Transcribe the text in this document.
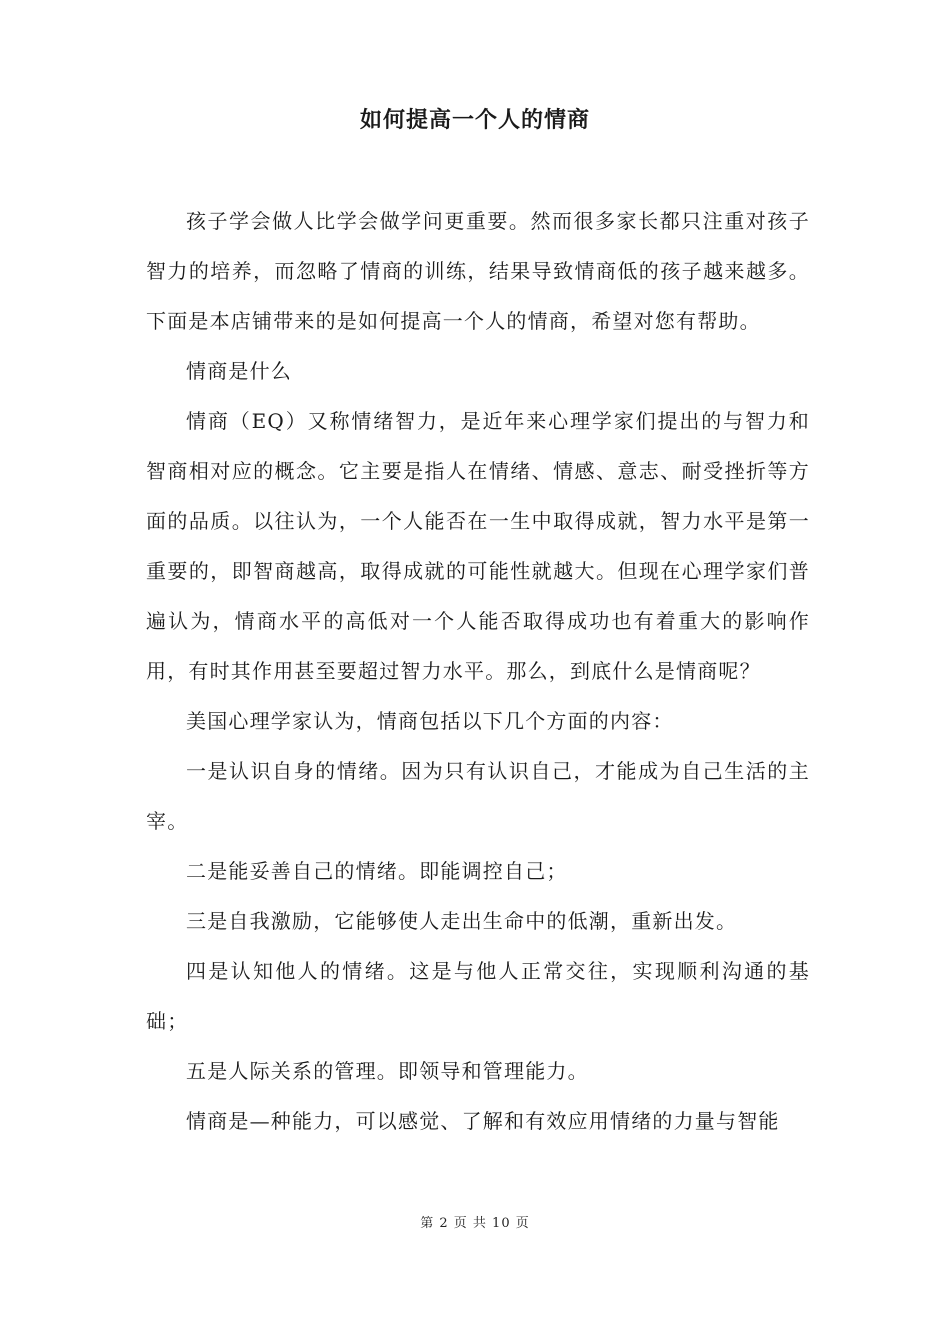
如何提高一个人的情商

孩子学会做人比学会做学问更重要。然而很多家长都只注重对孩子智力的培养，而忽略了情商的训练，结果导致情商低的孩子越来越多。下面是本店铺带来的是如何提高一个人的情商，希望对您有帮助。

情商是什么

情商（EQ）又称情绪智力，是近年来心理学家们提出的与智力和智商相对应的概念。它主要是指人在情绪、情感、意志、耐受挫折等方面的品质。以往认为，一个人能否在一生中取得成就，智力水平是第一重要的，即智商越高，取得成就的可能性就越大。但现在心理学家们普遍认为，情商水平的高低对一个人能否取得成功也有着重大的影响作用，有时其作用甚至要超过智力水平。那么，到底什么是情商呢？

美国心理学家认为，情商包括以下几个方面的内容：

一是认识自身的情绪。因为只有认识自己，才能成为自己生活的主宰。

二是能妥善自己的情绪。即能调控自己；

三是自我激励，它能够使人走出生命中的低潮，重新出发。

四是认知他人的情绪。这是与他人正常交往，实现顺利沟通的基础；

五是人际关系的管理。即领导和管理能力。

情商是—种能力，可以感觉、了解和有效应用情绪的力量与智能

第 2 页 共 10 页
